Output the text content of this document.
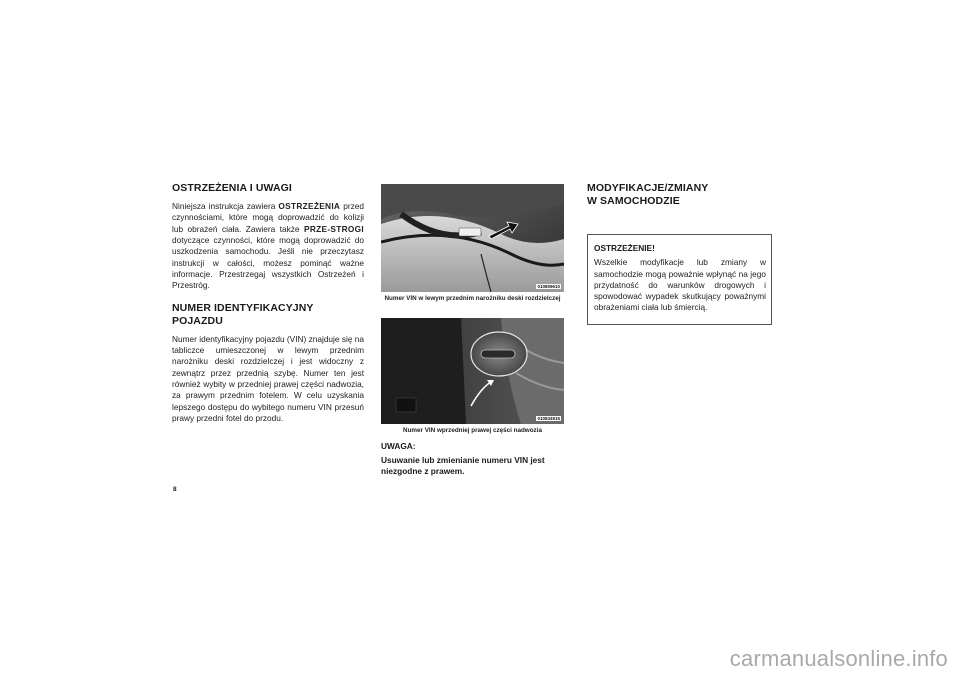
OSTRZEŻENIA I UWAGI

Niniejsza instrukcja zawiera OSTRZEŻENIA przed czynnościami, które mogą doprowadzić do kolizji lub obrażeń ciała. Zawiera także PRZE-STROGI dotyczące czynności, które mogą doprowadzić do uszkodzenia samochodu. Jeśli nie przeczytasz instrukcji w całości, możesz pominąć ważne informacje. Przestrzegaj wszystkich Ostrzeżeń i Przestróg.

NUMER IDENTYFIKACYJNY
POJAZDU

Numer identyfikacyjny pojazdu (VIN) znajduje się na tabliczce umieszczonej w lewym przednim narożniku deski rozdzielczej i jest widoczny z zewnątrz przez przednią szybę. Numer ten jest również wybity w przedniej prawej części nadwozia, za prawym przednim fotelem. W celu uzyskania lepszego dostępu do wybitego numeru VIN przesuń prawy przedni fotel do przodu.

010809610
Numer VIN w lewym przednim narożniku deski rozdzielczej
010834915
Numer VIN wprzedniej prawej części nadwozia
UWAGA:
Usuwanie lub zmienianie numeru VIN jest niezgodne z prawem.
MODYFIKACJE/ZMIANY
W SAMOCHODZIE
OSTRZEŻENIE!
Wszelkie modyfikacje lub zmiany w samochodzie mogą poważnie wpłynąć na jego przydatność do warunków drogowych i spowodować wypadek skutkujący poważnymi obrażeniami ciała lub śmiercią.
8
carmanualsonline.info
